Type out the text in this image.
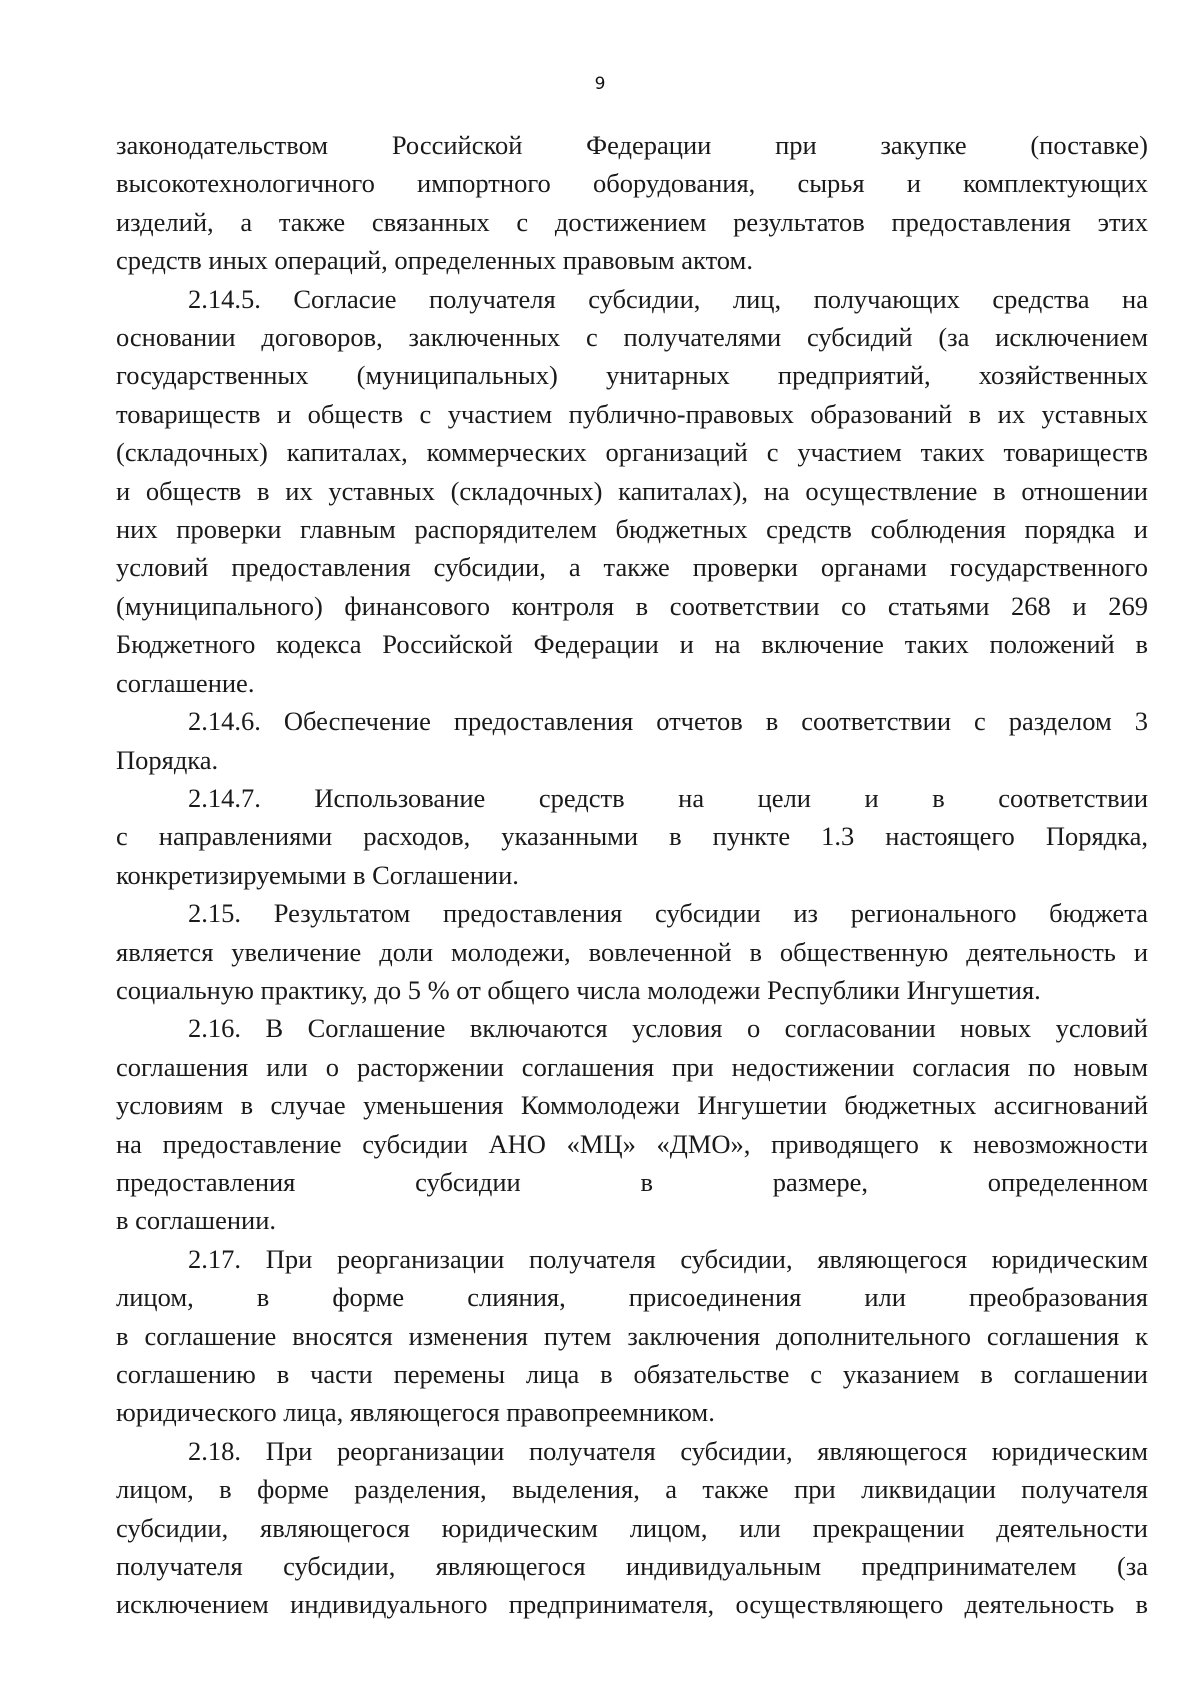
9
законодательством Российской Федерации при закупке (поставке)
высокотехнологичного импортного оборудования, сырья и комплектующих
изделий, а также связанных с достижением результатов предоставления этих
средств иных операций, определенных правовым актом.
2.14.5. Согласие получателя субсидии, лиц, получающих средства на
основании договоров, заключенных с получателями субсидий (за исключением
государственных (муниципальных) унитарных предприятий, хозяйственных
товариществ и обществ с участием публично-правовых образований в их уставных
(складочных) капиталах, коммерческих организаций с участием таких товариществ
и обществ в их уставных (складочных) капиталах), на осуществление в отношении
них проверки главным распорядителем бюджетных средств соблюдения порядка и
условий предоставления субсидии, а также проверки органами государственного
(муниципального) финансового контроля в соответствии со статьями 268 и 269
Бюджетного кодекса Российской Федерации и на включение таких положений в
соглашение.
2.14.6. Обеспечение предоставления отчетов в соответствии с разделом 3
Порядка.
2.14.7. Использование средств на цели и в соответствии
с направлениями расходов, указанными в пункте 1.3 настоящего Порядка,
конкретизируемыми в Соглашении.
2.15. Результатом предоставления субсидии из регионального бюджета
является увеличение доли молодежи, вовлеченной в общественную деятельность и
социальную практику, до 5 % от общего числа молодежи Республики Ингушетия.
2.16. В Соглашение включаются условия о согласовании новых условий
соглашения или о расторжении соглашения при недостижении согласия по новым
условиям в случае уменьшения Коммолодежи Ингушетии бюджетных ассигнований
на предоставление субсидии АНО «МЦ» «ДМО», приводящего к невозможности
предоставления субсидии в размере, определенном
в соглашении.
2.17. При реорганизации получателя субсидии, являющегося юридическим
лицом, в форме слияния, присоединения или преобразования
в соглашение вносятся изменения путем заключения дополнительного соглашения к
соглашению в части перемены лица в обязательстве с указанием в соглашении
юридического лица, являющегося правопреемником.
2.18. При реорганизации получателя субсидии, являющегося юридическим
лицом, в форме разделения, выделения, а также при ликвидации получателя
субсидии, являющегося юридическим лицом, или прекращении деятельности
получателя субсидии, являющегося индивидуальным предпринимателем (за
исключением индивидуального предпринимателя, осуществляющего деятельность в
